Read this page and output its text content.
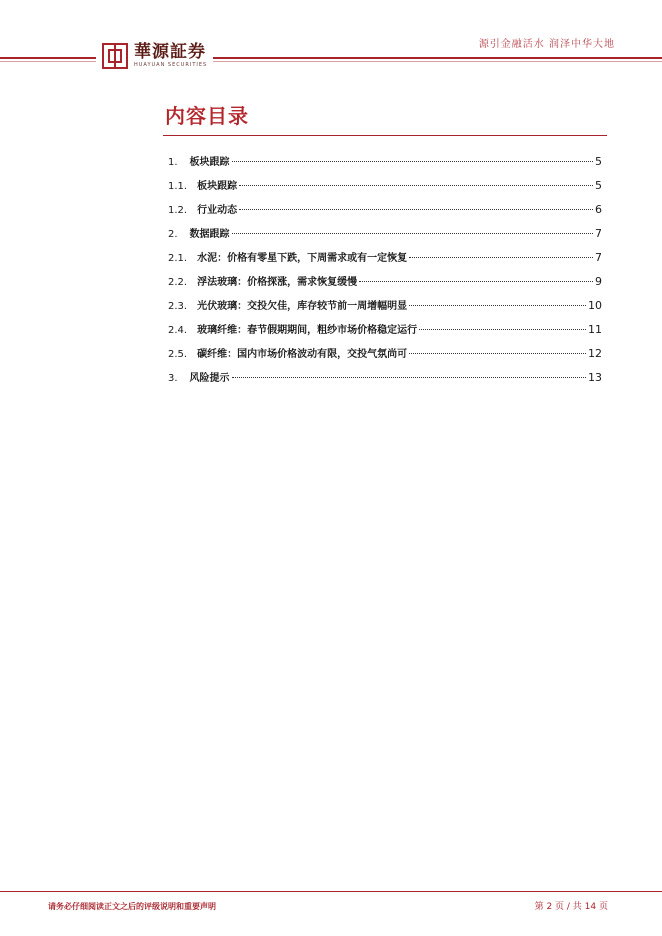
華源証券
HUAYUAN SECURITIES
源引金融活水 润泽中华大地
内容目录
1. 板块跟踪	5
1.1. 板块跟踪	5
1.2. 行业动态	6
2. 数据跟踪	7
2.1. 水泥：价格有零星下跌，下周需求或有一定恢复	7
2.2. 浮法玻璃：价格探涨，需求恢复缓慢	9
2.3. 光伏玻璃：交投欠佳，库存较节前一周增幅明显	10
2.4. 玻璃纤维：春节假期期间，粗纱市场价格稳定运行	11
2.5. 碳纤维：国内市场价格波动有限，交投气氛尚可	12
3. 风险提示	13
请务必仔细阅读正文之后的评级说明和重要声明	第 2 页 / 共 14 页
